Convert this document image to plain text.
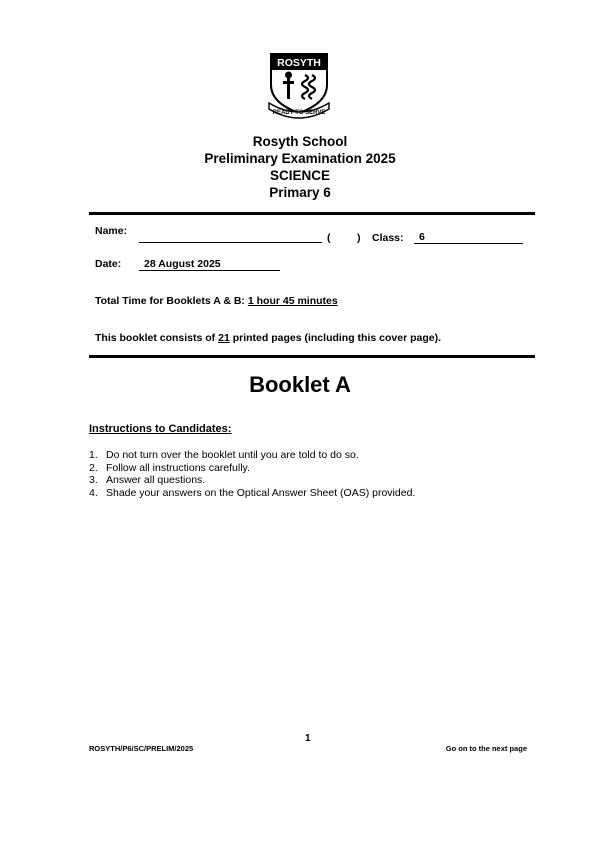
ROSYTH
READY TO SERVE
Rosyth School
Preliminary Examination 2025
SCIENCE
Primary 6
Name:
(	) Class: 6
Date: 28 August 2025
Total Time for Booklets A & B: 1 hour 45 minutes
This booklet consists of 21 printed pages (including this cover page).
Booklet A
Instructions to Candidates:
1. Do not turn over the booklet until you are told to do so.
2. Follow all instructions carefully.
3. Answer all questions.
4. Shade your answers on the Optical Answer Sheet (OAS) provided.
1
ROSYTH/P6/SC/PRELIM/2025	Go on to the next page
